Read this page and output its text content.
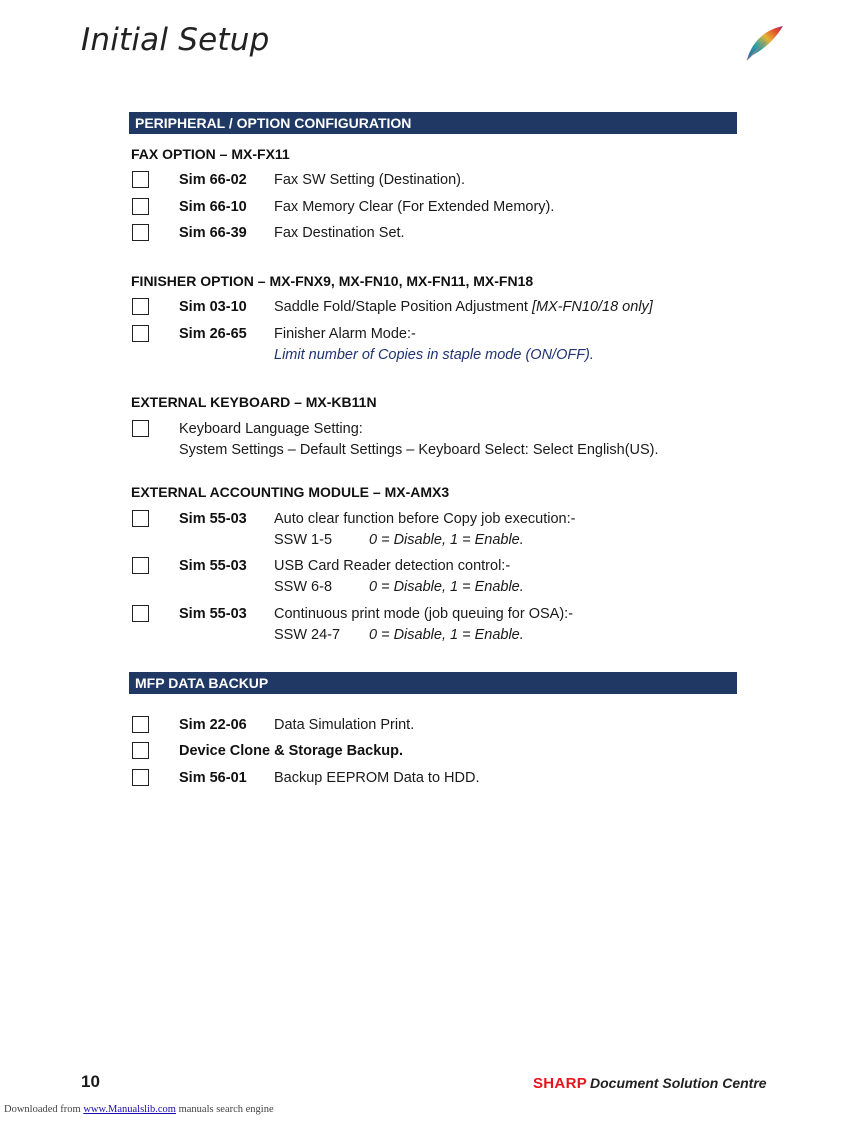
Initial Setup
PERIPHERAL / OPTION CONFIGURATION
FAX OPTION – MX-FX11
Sim 66-02 Fax SW Setting (Destination).
Sim 66-10 Fax Memory Clear (For Extended Memory).
Sim 66-39 Fax Destination Set.
FINISHER OPTION – MX-FNX9, MX-FN10, MX-FN11, MX-FN18
Sim 03-10 Saddle Fold/Staple Position Adjustment [MX-FN10/18 only]
Sim 26-65 Finisher Alarm Mode:-
Limit number of Copies in staple mode (ON/OFF).
EXTERNAL KEYBOARD – MX-KB11N
Keyboard Language Setting:
System Settings – Default Settings – Keyboard Select: Select English(US).
EXTERNAL ACCOUNTING MODULE – MX-AMX3
Sim 55-03 Auto clear function before Copy job execution:-
SSW 1-5	0 = Disable, 1 = Enable.
Sim 55-03 USB Card Reader detection control:-
SSW 6-8	0 = Disable, 1 = Enable.
Sim 55-03 Continuous print mode (job queuing for OSA):-
SSW 24-7 0 = Disable, 1 = Enable.
MFP DATA BACKUP
Sim 22-06 Data Simulation Print.
Device Clone & Storage Backup.
Sim 56-01 Backup EEPROM Data to HDD.
10	SHARP Document Solution Centre
Downloaded from www.Manualslib.com manuals search engine
